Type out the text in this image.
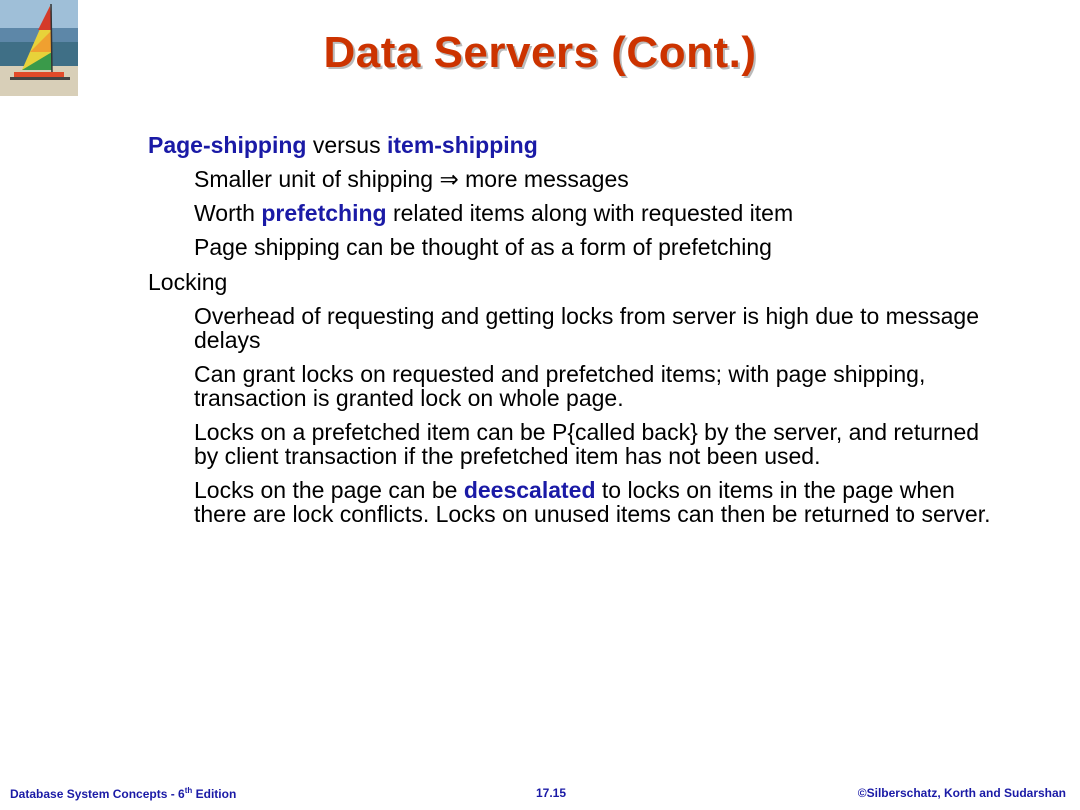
Data Servers (Cont.)

Page-shipping versus item-shipping

Smaller unit of shipping ⇒ more messages

Worth prefetching related items along with requested item

Page shipping can be thought of as a form of prefetching

Locking

Overhead of requesting and getting locks from server is high due to message delays

Can grant locks on requested and prefetched items; with page shipping, transaction is granted lock on whole page.

Locks on a prefetched item can be P{called back} by the server, and returned by client transaction if the prefetched item has not been used.

Locks on the page can be deescalated to locks on items in the page when there are lock conflicts. Locks on unused items can then be returned to server.

Database System Concepts - 6th Edition	17.15	©Silberschatz, Korth and Sudarshan
